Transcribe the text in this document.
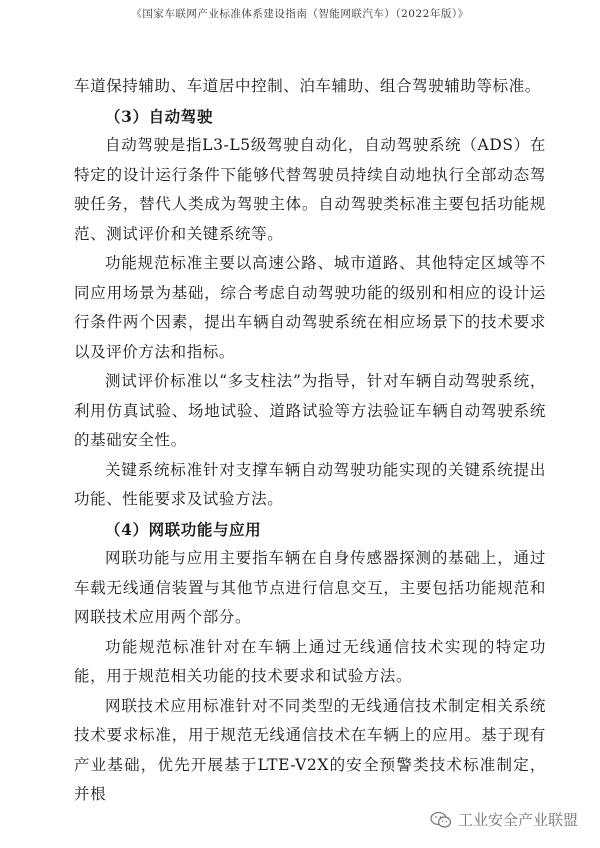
《国家车联网产业标准体系建设指南（智能网联汽车）（2022年版）》

车道保持辅助、车道居中控制、泊车辅助、组合驾驶辅助等标准。

（3）自动驾驶

自动驾驶是指L3-L5级驾驶自动化，自动驾驶系统（ADS）在特定的设计运行条件下能够代替驾驶员持续自动地执行全部动态驾驶任务，替代人类成为驾驶主体。自动驾驶类标准主要包括功能规范、测试评价和关键系统等。

功能规范标准主要以高速公路、城市道路、其他特定区域等不同应用场景为基础，综合考虑自动驾驶功能的级别和相应的设计运行条件两个因素，提出车辆自动驾驶系统在相应场景下的技术要求以及评价方法和指标。

测试评价标准以“多支柱法”为指导，针对车辆自动驾驶系统，利用仿真试验、场地试验、道路试验等方法验证车辆自动驾驶系统的基础安全性。

关键系统标准针对支撑车辆自动驾驶功能实现的关键系统提出功能、性能要求及试验方法。

（4）网联功能与应用

网联功能与应用主要指车辆在自身传感器探测的基础上，通过车载无线通信装置与其他节点进行信息交互，主要包括功能规范和网联技术应用两个部分。

功能规范标准针对在车辆上通过无线通信技术实现的特定功能，用于规范相关功能的技术要求和试验方法。

网联技术应用标准针对不同类型的无线通信技术制定相关系统技术要求标准，用于规范无线通信技术在车辆上的应用。基于现有产业基础，优先开展基于LTE-V2X的安全预警类技术标准制定，并根

工业安全产业联盟
